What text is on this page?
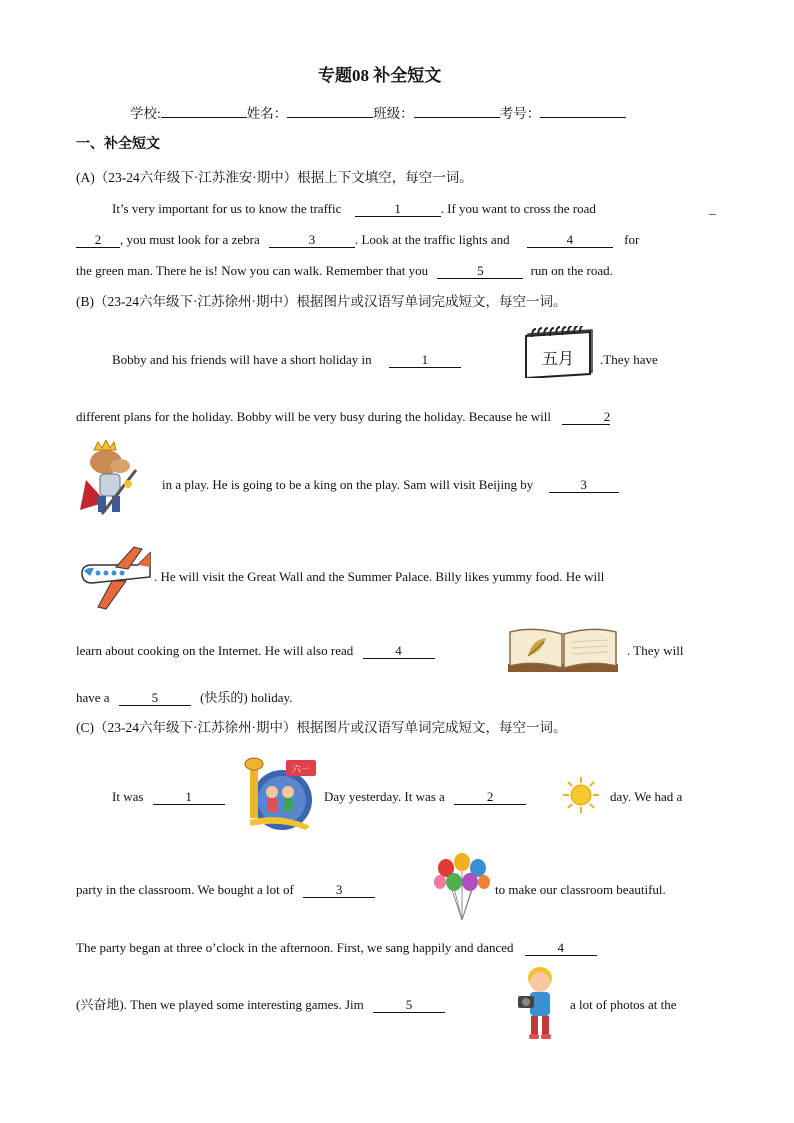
专题08 补全短文
学校:	姓名：	班级：	考号：
一、补全短文
(A)（23-24六年级下·江苏淮安·期中）根据上下文填空，每空一词。
It’s very important for us to know the traffic	1	. If you want to cross the road	_
2 , you must look for a zebra	3	. Look at the traffic lights and	4	for
the green man. There he is! Now you can walk. Remember that you	5	run on the road.
(B)（23-24六年级下·江苏徐州·期中）根据图片或汉语写单词完成短文，每空一词。
Bobby and his friends will have a short holiday in	1	五月 .They have
different plans for the holiday. Bobby will be very busy during the holiday. Because he will	2
in a play. He is going to be a king on the play. Sam will visit Beijing by	3
. He will visit the Great Wall and the Summer Palace. Billy likes yummy food. He will
learn about cooking on the Internet. He will also read	4	. They will
have a	5	(快乐的) holiday.
(C)（23-24六年级下·江苏徐州·期中）根据图片或汉语写单词完成短文，每空一词。
It was	1
六一
Day yesterday. It was a	2	day. We had a
party in the classroom. We bought a lot of	3	to make our classroom beautiful.
The party began at three o’clock in the afternoon. First, we sang happily and danced	4
(兴奋地). Then we played some interesting games. Jim	5	a lot of photos at the
